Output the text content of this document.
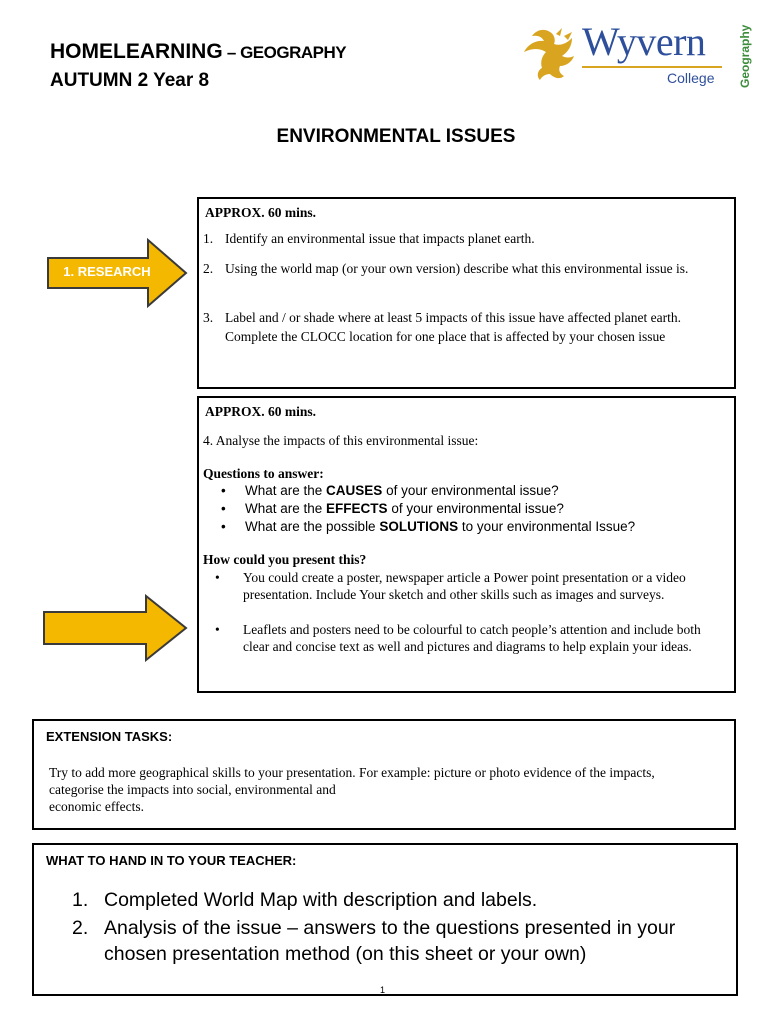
HOMELEARNING – GEOGRAPHY
AUTUMN 2 Year 8
ENVIRONMENTAL ISSUES
Wyvern
College Geography
1. RESEARCH
APPROX. 60 mins.
1. Identify an environmental issue that impacts planet earth.
2. Using the world map (or your own version) describe what this environmental issue is.
3. Label and / or shade where at least 5 impacts of this issue have affected planet earth. Complete the CLOCC location for one place that is affected by your chosen issue
APPROX. 60 mins.
4. Analyse the impacts of this environmental issue:
Questions to answer:
• What are the CAUSES of your environmental issue?
• What are the EFFECTS of your environmental issue?
• What are the possible SOLUTIONS to your environmental Issue?
How could you present this?
• You could create a poster, newspaper article a Power point presentation or a video presentation. Include Your sketch and other skills such as images and surveys.
• Leaflets and posters need to be colourful to catch people’s attention and include both clear and concise text as well and pictures and diagrams to help explain your ideas.
EXTENSION TASKS:
Try to add more geographical skills to your presentation. For example: picture or photo evidence of the impacts,
categorise the impacts into social, environmental and
economic effects.
WHAT TO HAND IN TO YOUR TEACHER:
1. Completed World Map with description and labels.
2. Analysis of the issue – answers to the questions presented in your chosen presentation method (on this sheet or your own)
1
